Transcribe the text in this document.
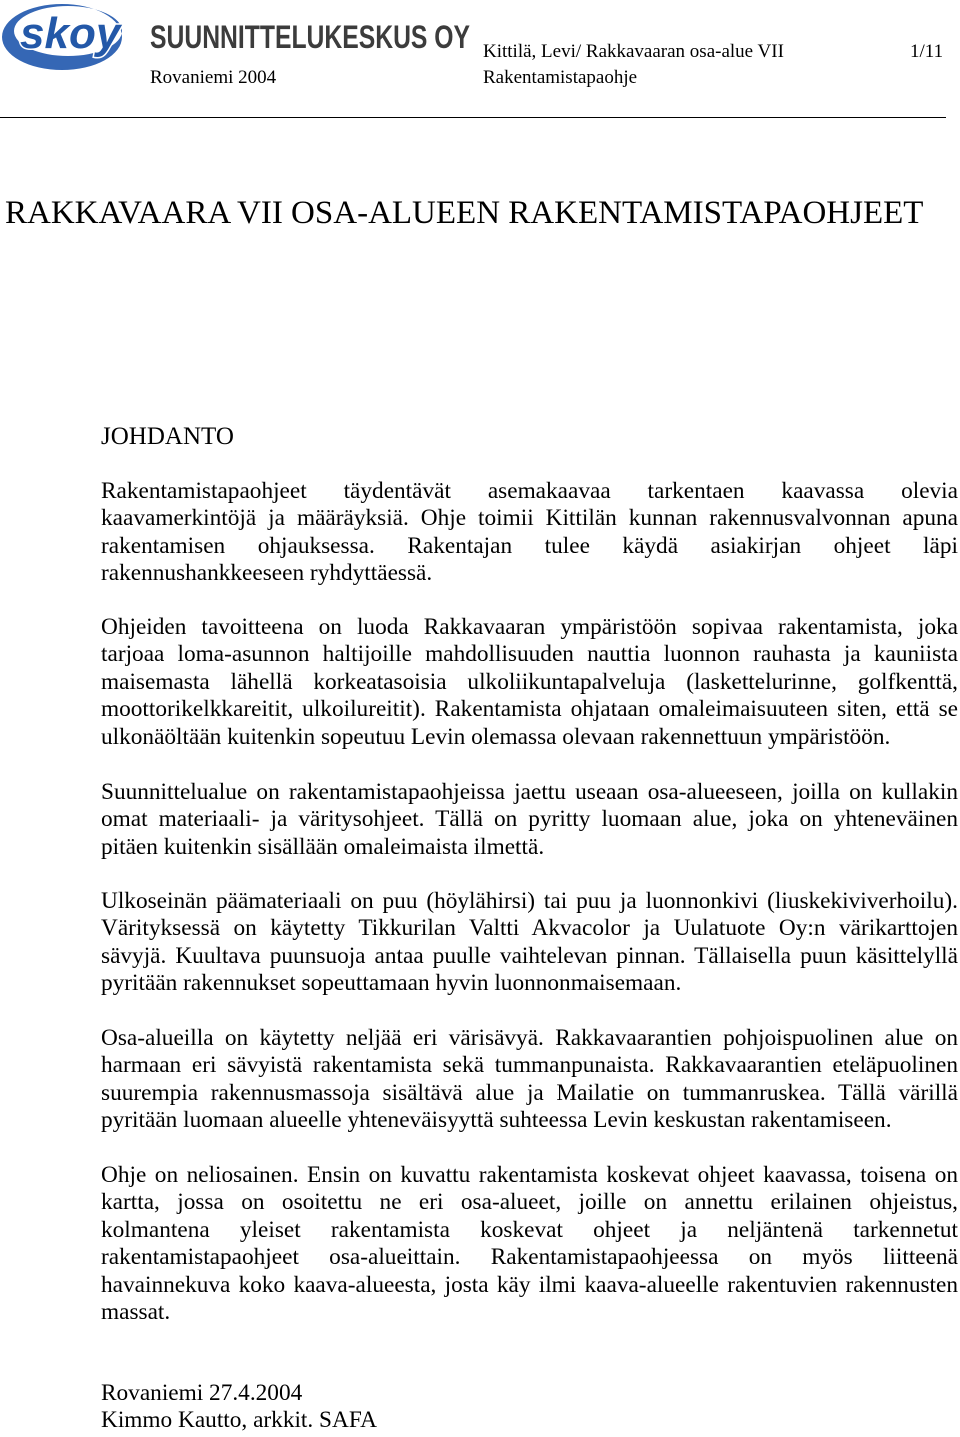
skoy SUUNNITTELUKESKUS OY
Rovaniemi 2004
Kittilä, Levi/ Rakkavaaran osa-alue VII	1/11
Rakentamistapaohje
RAKKAVAARA VII OSA-ALUEEN RAKENTAMISTAPAOHJEET
JOHDANTO
Rakentamistapaohjeet täydentävät asemakaavaa tarkentaen kaavassa olevia
kaavamerkintöjä ja määräyksiä. Ohje toimii Kittilän kunnan rakennusvalvonnan apuna
rakentamisen ohjauksessa. Rakentajan tulee käydä asiakirjan ohjeet läpi
rakennushankkeeseen ryhdyttäessä.
Ohjeiden tavoitteena on luoda Rakkavaaran ympäristöön sopivaa rakentamista, joka
tarjoaa loma-asunnon haltijoille mahdollisuuden nauttia luonnon rauhasta ja kauniista
maisemasta lähellä korkeatasoisia ulkoliikuntapalveluja (laskettelurinne, golfkenttä,
moottorikelkkareitit, ulkoilureitit). Rakentamista ohjataan omaleimaisuuteen siten, että se
ulkonäöltään kuitenkin sopeutuu Levin olemassa olevaan rakennettuun ympäristöön.
Suunnittelualue on rakentamistapaohjeissa jaettu useaan osa-alueeseen, joilla on kullakin
omat materiaali- ja väritysohjeet. Tällä on pyritty luomaan alue, joka on yhteneväinen
pitäen kuitenkin sisällään omaleimaista ilmettä.
Ulkoseinän päämateriaali on puu (höylähirsi) tai puu ja luonnonkivi (liuskekiviverhoilu).
Värityksessä on käytetty Tikkurilan Valtti Akvacolor ja Uulatuote Oy:n värikarttojen
sävyjä. Kuultava puunsuoja antaa puulle vaihtelevan pinnan. Tällaisella puun käsittelyllä
pyritään rakennukset sopeuttamaan hyvin luonnonmaisemaan.
Osa-alueilla on käytetty neljää eri värisävyä. Rakkavaarantien pohjoispuolinen alue on
harmaan eri sävyistä rakentamista sekä tummanpunaista. Rakkavaarantien eteläpuolinen
suurempia rakennusmassoja sisältävä alue ja Mailatie on tummanruskea. Tällä värillä
pyritään luomaan alueelle yhteneväisyyttä suhteessa Levin keskustan rakentamiseen.
Ohje on neliosainen. Ensin on kuvattu rakentamista koskevat ohjeet kaavassa, toisena on
kartta, jossa on osoitettu ne eri osa-alueet, joille on annettu erilainen ohjeistus,
kolmantena yleiset rakentamista koskevat ohjeet ja neljäntenä tarkennetut
rakentamistapaohjeet osa-alueittain. Rakentamistapaohjeessa on myös liitteenä
havainnekuva koko kaava-alueesta, josta käy ilmi kaava-alueelle rakentuvien rakennusten
massat.
Rovaniemi 27.4.2004
Kimmo Kautto, arkkit. SAFA
